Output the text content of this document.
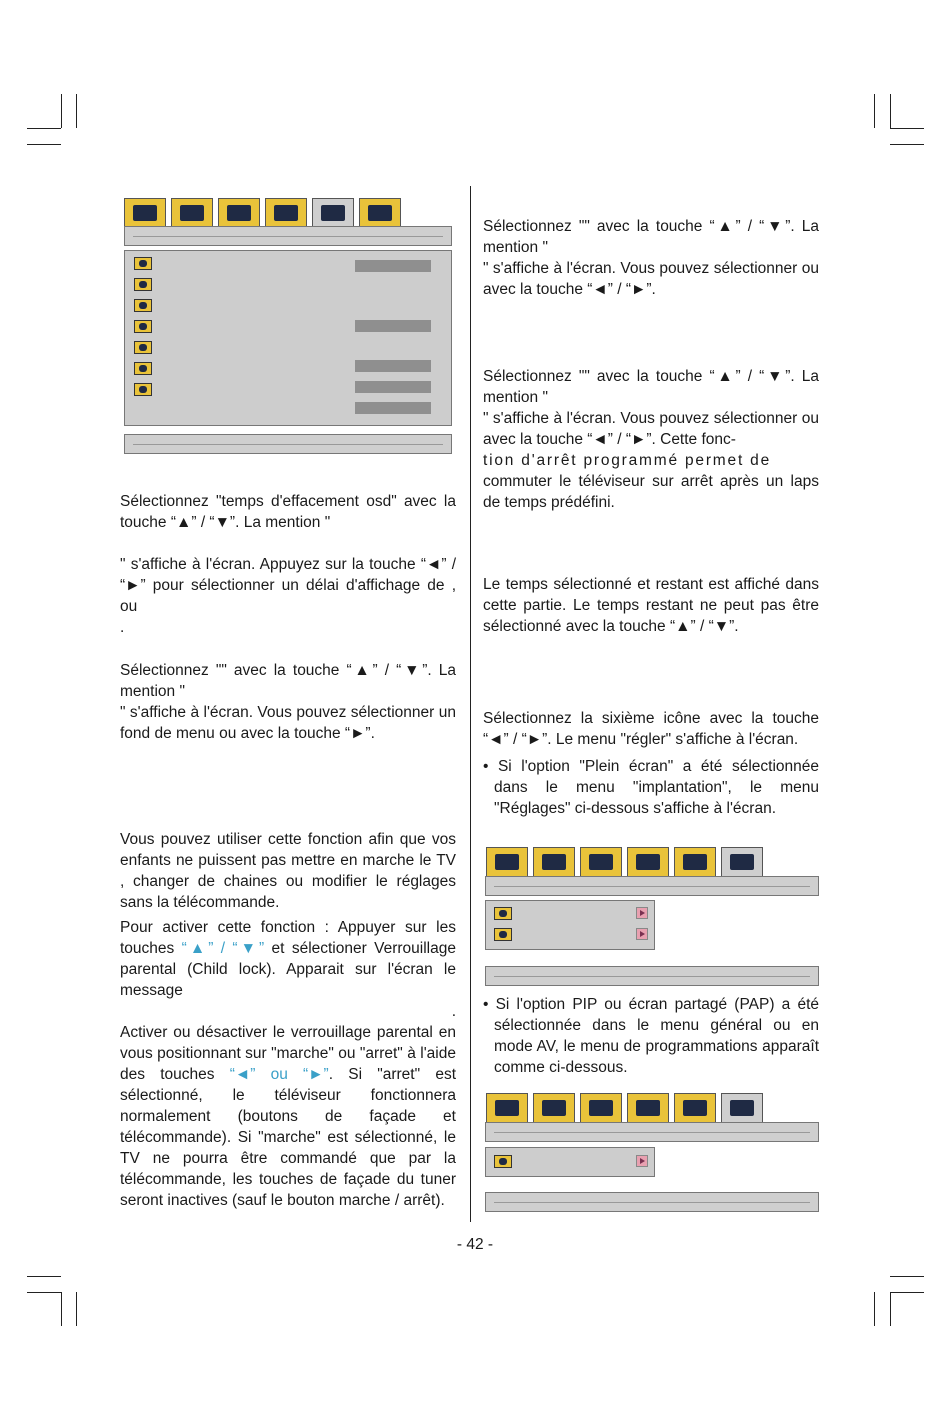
Sélectionnez "temps d'effacement osd" avec la touche “▲” / “▼”. La mention "

" s'affiche à l'écran. Appuyez sur la touche “◄” / “►” pour sélectionner un délai d'affichage de , ou
.

Sélectionnez "" avec la touche “▲” / “▼”. La mention "
" s'affiche à l'écran. Vous pouvez sélectionner un fond de menu ou avec la touche “►”.

Vous pouvez utiliser cette fonction afin que vos enfants ne puissent pas mettre en marche le TV , changer de chaines ou modifier le réglages sans la télécommande.

Pour activer cette fonction : Appuyer sur les touches “▲” / “▼” et sélectioner Verrouillage parental (Child lock). Apparait sur l'écran le message

.

Activer ou désactiver le verrouillage parental en vous positionnant sur "marche" ou "arret" à l'aide des touches “◄” ou “►”. Si "arret" est sélectionné, le téléviseur fonctionnera normalement (boutons de façade et télécommande). Si "marche" est sélectionné, le TV ne pourra être commandé que par la télécommande, les touches de façade du tuner seront inactives (sauf le bouton marche / arrêt).

Sélectionnez "" avec la touche “▲” / “▼”. La mention "
" s'affiche à l'écran. Vous pouvez sélectionner ou avec la touche “◄” / “►”.

Sélectionnez "" avec la touche “▲” / “▼”. La mention "
" s'affiche à l'écran. Vous pouvez sélectionner ou avec la touche “◄” / “►”. Cette fonc-
tion d'arrêt programmé permet de
commuter le téléviseur sur arrêt après un laps de temps prédéfini.

Le temps sélectionné et restant est affiché dans cette partie. Le temps restant ne peut pas être sélectionné avec la touche “▲” / “▼”.

Sélectionnez la sixième icône avec la touche “◄” / “►”. Le menu "régler" s'affiche à l'écran.

• Si l'option "Plein écran" a été sélectionnée dans le menu "implantation", le menu "Réglages" ci-dessous s'affiche à l'écran.

• Si l'option PIP ou écran partagé (PAP) a été sélectionnée dans le menu général ou en mode AV, le menu de programmations apparaît comme ci-dessous.

- 42 -
